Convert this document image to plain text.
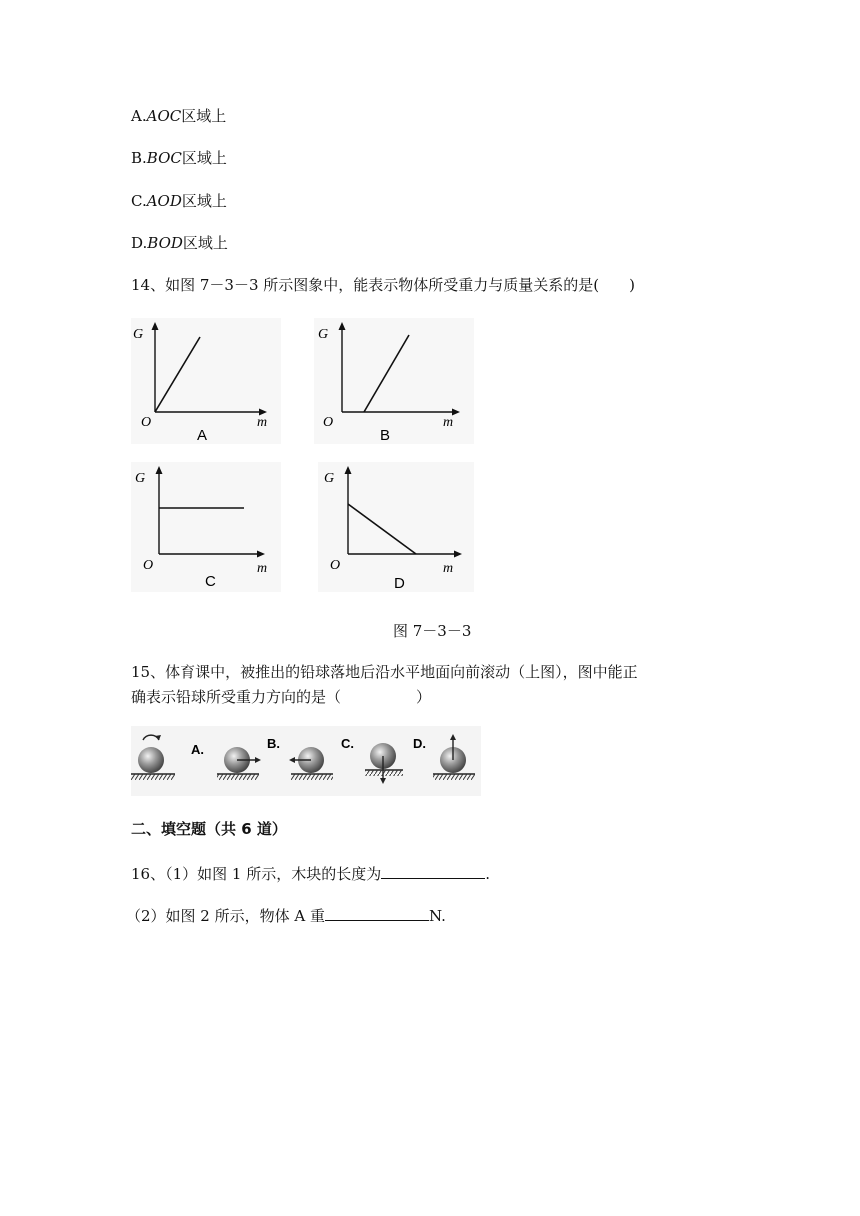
A.AOC区域上
B.BOC区域上
C.AOD区域上
D.BOD区域上
14、如图 7－3－3 所示图象中，能表示物体所受重力与质量关系的是(　　)
G
O	m
A
G
O	m
B
G
O	m
C
G
O	m
D
图 7－3－3
15、体育课中，被推出的铅球落地后沿水平地面向前滚动（上图），图中能正
确表示铅球所受重力方向的是（　　　　　）
A.	B.	C.	D.
二、填空题（共 6 道）
16、（1）如图 1 所示，木块的长度为	.
（2）如图 2 所示，物体 A 重	N.
